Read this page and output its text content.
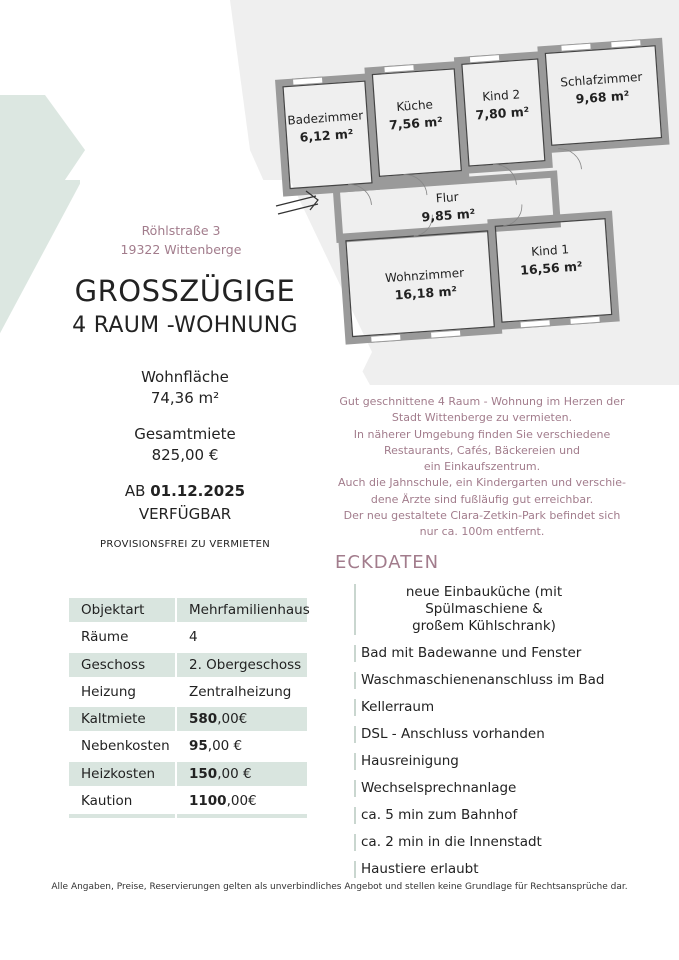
Badezimmer
6,12 m²
Küche
7,56 m²
Kind 2
7,80 m²
Schlafzimmer
9,68 m²
Flur
9,85 m²
Wohnzimmer
16,18 m²
Kind 1
16,56 m²
Röhlstraße 3
19322 Wittenberge
GROSSZÜGIGE
4 RAUM -WOHNUNG
Wohnfläche
74,36 m²
Gesamtmiete
825,00 €
AB 01.12.2025
VERFÜGBAR
PROVISIONSFREI ZU VERMIETEN
Gut geschnittene 4 Raum - Wohnung im Herzen der
Stadt Wittenberge zu vermieten.
In näherer Umgebung finden Sie verschiedene
Restaurants, Cafés, Bäckereien und
ein Einkaufszentrum.
Auch die Jahnschule, ein Kindergarten und verschie-
dene Ärzte sind fußläufig gut erreichbar.
Der neu gestaltete Clara-Zetkin-Park befindet sich
nur ca. 100m entfernt.
ECKDATEN
neue Einbauküche (mit Spülmaschiene &
großem Kühlschrank)
Bad mit Badewanne und Fenster
Waschmaschienenanschluss im Bad
Kellerraum
DSL - Anschluss vorhanden
Hausreinigung
Wechselsprechnanlage
ca. 5 min zum Bahnhof
ca. 2 min in die Innenstadt
Haustiere erlaubt
Objektart	Mehrfamilienhaus
Räume	4
Geschoss	2. Obergeschoss
Heizung	Zentralheizung
Kaltmiete	580,00€
Nebenkosten	95,00 €
Heizkosten	150,00 €
Kaution	1100,00€
Alle Angaben, Preise, Reservierungen gelten als unverbindliches Angebot und stellen keine Grundlage für Rechtsansprüche dar.
